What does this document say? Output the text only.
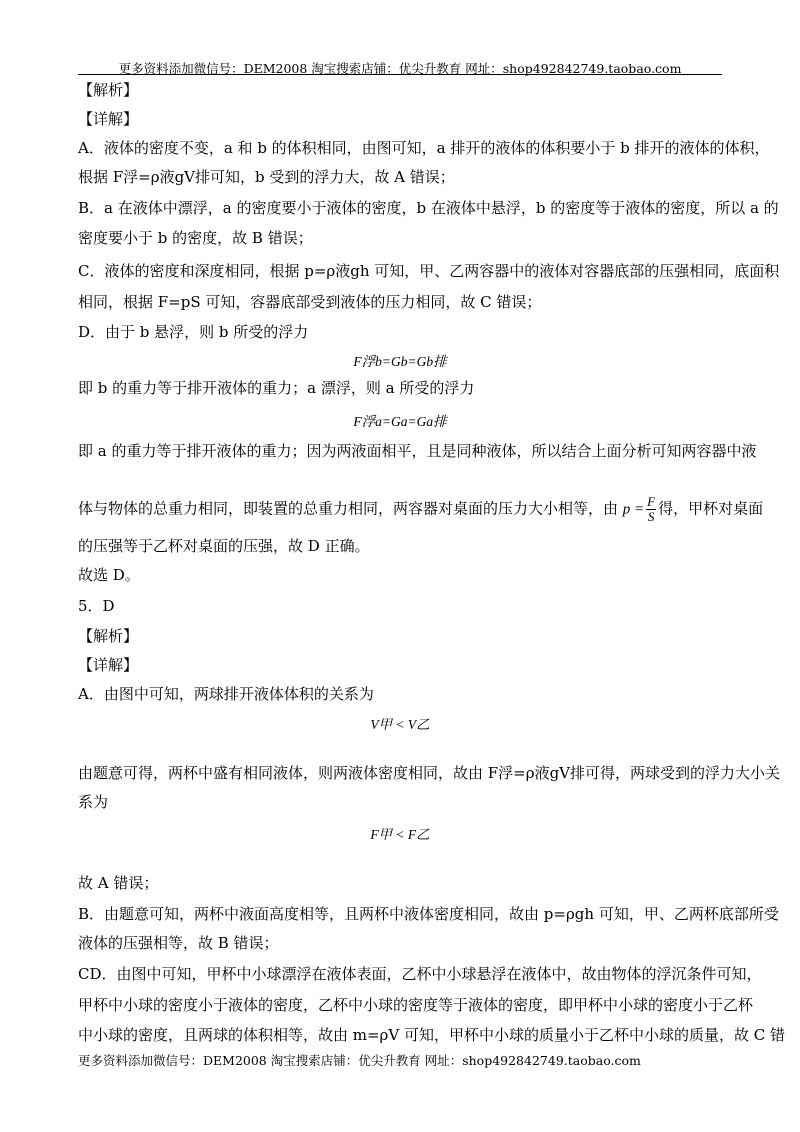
更多资料添加微信号：DEM2008 淘宝搜索店铺：优尖升教育 网址：shop492842749.taobao.com
【解析】
【详解】
A．液体的密度不变，a 和 b 的体积相同，由图可知，a 排开的液体的体积要小于 b 排开的液体的体积，
根据 F浮=ρ液gV排可知，b 受到的浮力大，故 A 错误；
B．a 在液体中漂浮，a 的密度要小于液体的密度，b 在液体中悬浮，b 的密度等于液体的密度，所以 a 的
密度要小于 b 的密度，故 B 错误；
C．液体的密度和深度相同，根据 p=ρ液gh 可知，甲、乙两容器中的液体对容器底部的压强相同，底面积
相同，根据 F=pS 可知，容器底部受到液体的压力相同，故 C 错误；
D．由于 b 悬浮，则 b 所受的浮力
F浮b=Gb=Gb排
即 b 的重力等于排开液体的重力；a 漂浮，则 a 所受的浮力
F浮a=Ga=Ga排
即 a 的重力等于排开液体的重力；因为两液面相平，且是同种液体，所以结合上面分析可知两容器中液
体与物体的总重力相同，即装置的总重力相同，两容器对桌面的压力大小相等，由 $p = \frac{F}{S}$ 得，甲杯对桌面
的压强等于乙杯对桌面的压强，故 D 正确。
故选 D。
5．D
【解析】
【详解】
A．由图中可知，两球排开液体体积的关系为
V甲 < V乙
由题意可得，两杯中盛有相同液体，则两液体密度相同，故由 F浮=ρ液gV排可得，两球受到的浮力大小关
系为
F甲 < F乙
故 A 错误；
B．由题意可知，两杯中液面高度相等，且两杯中液体密度相同，故由 p=ρgh 可知，甲、乙两杯底部所受
液体的压强相等，故 B 错误；
CD．由图中可知，甲杯中小球漂浮在液体表面，乙杯中小球悬浮在液体中，故由物体的浮沉条件可知，
甲杯中小球的密度小于液体的密度，乙杯中小球的密度等于液体的密度，即甲杯中小球的密度小于乙杯
中小球的密度，且两球的体积相等，故由 m=ρV 可知，甲杯中小球的质量小于乙杯中小球的质量，故 C 错
更多资料添加微信号：DEM2008 淘宝搜索店铺：优尖升教育 网址：shop492842749.taobao.com
